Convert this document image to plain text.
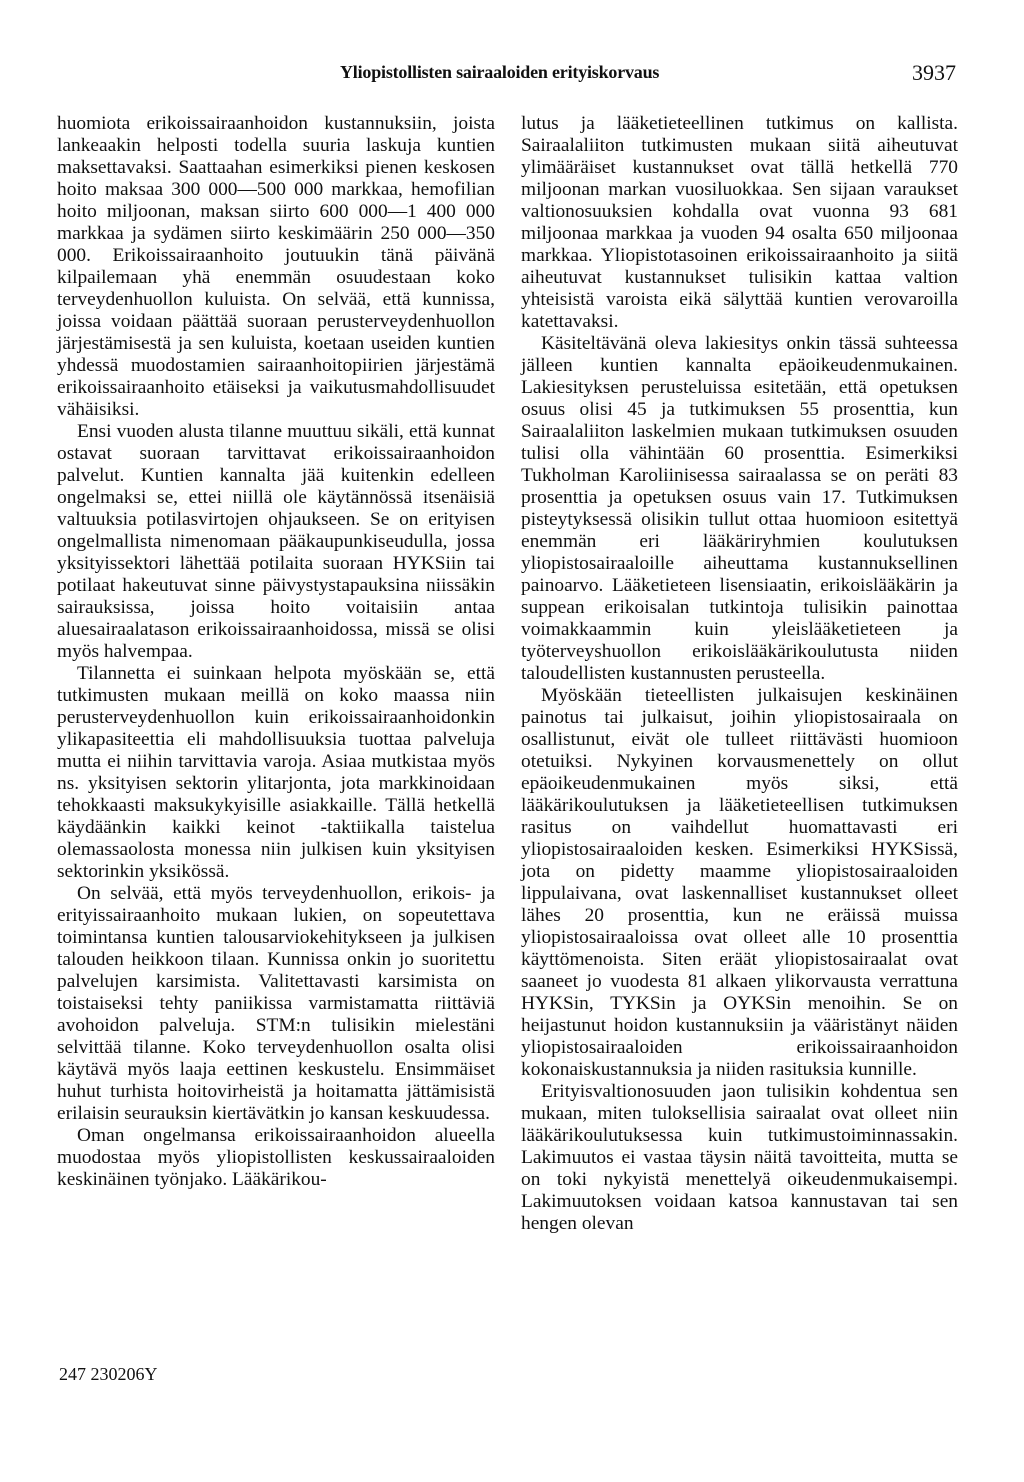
Yliopistollisten sairaaloiden erityiskorvaus	3937

huomiota erikoissairaanhoidon kustannuksiin, joista lankeaakin helposti todella suuria laskuja kuntien maksettavaksi. Saattaahan esimerkiksi pienen keskosen hoito maksaa 300 000—500 000 markkaa, hemofilian hoito miljoonan, maksan siirto 600 000—1 400 000 markkaa ja sydämen siirto keskimäärin 250 000—350 000. Erikoissairaanhoito joutuukin tänä päivänä kilpailemaan yhä enemmän osuudestaan koko terveydenhuollon kuluista. On selvää, että kunnissa, joissa voidaan päättää suoraan perusterveydenhuollon järjestämisestä ja sen kuluista, koetaan useiden kuntien yhdessä muodostamien sairaanhoitopiirien järjestämä erikoissairaanhoito etäiseksi ja vaikutusmahdollisuudet vähäisiksi.

Ensi vuoden alusta tilanne muuttuu sikäli, että kunnat ostavat suoraan tarvittavat erikoissairaanhoidon palvelut. Kuntien kannalta jää kuitenkin edelleen ongelmaksi se, ettei niillä ole käytännössä itsenäisiä valtuuksia potilasvirtojen ohjaukseen. Se on erityisen ongelmallista nimenomaan pääkaupunkiseudulla, jossa yksityissektori lähettää potilaita suoraan HYKSiin tai potilaat hakeutuvat sinne päivystystapauksina niissäkin sairauksissa, joissa hoito voitaisiin antaa aluesairaalatason erikoissairaanhoidossa, missä se olisi myös halvempaa.

Tilannetta ei suinkaan helpota myöskään se, että tutkimusten mukaan meillä on koko maassa niin perusterveydenhuollon kuin erikoissairaanhoidonkin ylikapasiteettia eli mahdollisuuksia tuottaa palveluja mutta ei niihin tarvittavia varoja. Asiaa mutkistaa myös ns. yksityisen sektorin ylitarjonta, jota markkinoidaan tehokkaasti maksukykyisille asiakkaille. Tällä hetkellä käydäänkin kaikki keinot -taktiikalla taistelua olemassaolosta monessa niin julkisen kuin yksityisen sektorinkin yksikössä.

On selvää, että myös terveydenhuollon, erikois- ja erityissairaanhoito mukaan lukien, on sopeutettava toimintansa kuntien talousarviokehitykseen ja julkisen talouden heikkoon tilaan. Kunnissa onkin jo suoritettu palvelujen karsimista. Valitettavasti karsimista on toistaiseksi tehty paniikissa varmistamatta riittäviä avohoidon palveluja. STM:n tulisikin mielestäni selvittää tilanne. Koko terveydenhuollon osalta olisi käytävä myös laaja eettinen keskustelu. Ensimmäiset huhut turhista hoitovirheistä ja hoitamatta jättämisistä erilaisin seurauksin kiertävätkin jo kansan keskuudessa.

Oman ongelmansa erikoissairaanhoidon alueella muodostaa myös yliopistollisten keskussairaaloiden keskinäinen työnjako. Lääkärikou-

lutus ja lääketieteellinen tutkimus on kallista. Sairaalaliiton tutkimusten mukaan siitä aiheutuvat ylimääräiset kustannukset ovat tällä hetkellä 770 miljoonan markan vuosiluokkaa. Sen sijaan varaukset valtionosuuksien kohdalla ovat vuonna 93 681 miljoonaa markkaa ja vuoden 94 osalta 650 miljoonaa markkaa. Yliopistotasoinen erikoissairaanhoito ja siitä aiheutuvat kustannukset tulisikin kattaa valtion yhteisistä varoista eikä sälyttää kuntien verovaroilla katettavaksi.

Käsiteltävänä oleva lakiesitys onkin tässä suhteessa jälleen kuntien kannalta epäoikeudenmukainen. Lakiesityksen perusteluissa esitetään, että opetuksen osuus olisi 45 ja tutkimuksen 55 prosenttia, kun Sairaalaliiton laskelmien mukaan tutkimuksen osuuden tulisi olla vähintään 60 prosenttia. Esimerkiksi Tukholman Karoliinisessa sairaalassa se on peräti 83 prosenttia ja opetuksen osuus vain 17. Tutkimuksen pisteytyksessä olisikin tullut ottaa huomioon esitettyä enemmän eri lääkäriryhmien koulutuksen yliopistosairaaloille aiheuttama kustannuksellinen painoarvo. Lääketieteen lisensiaatin, erikoislääkärin ja suppean erikoisalan tutkintoja tulisikin painottaa voimakkaammin kuin yleislääketieteen ja työterveyshuollon erikoislääkärikoulutusta niiden taloudellisten kustannusten perusteella.

Myöskään tieteellisten julkaisujen keskinäinen painotus tai julkaisut, joihin yliopistosairaala on osallistunut, eivät ole tulleet riittävästi huomioon otetuiksi. Nykyinen korvausmenettely on ollut epäoikeudenmukainen myös siksi, että lääkärikoulutuksen ja lääketieteellisen tutkimuksen rasitus on vaihdellut huomattavasti eri yliopistosairaaloiden kesken. Esimerkiksi HYKSissä, jota on pidetty maamme yliopistosairaaloiden lippulaivana, ovat laskennalliset kustannukset olleet lähes 20 prosenttia, kun ne eräissä muissa yliopistosairaaloissa ovat olleet alle 10 prosenttia käyttömenoista. Siten eräät yliopistosairaalat ovat saaneet jo vuodesta 81 alkaen ylikorvausta verrattuna HYKSin, TYKSin ja OYKSin menoihin. Se on heijastunut hoidon kustannuksiin ja vääristänyt näiden yliopistosairaaloiden erikoissairaanhoidon kokonaiskustannuksia ja niiden rasituksia kunnille.

Erityisvaltionosuuden jaon tulisikin kohdentua sen mukaan, miten tuloksellisia sairaalat ovat olleet niin lääkärikoulutuksessa kuin tutkimustoiminnassakin. Lakimuutos ei vastaa täysin näitä tavoitteita, mutta se on toki nykyistä menettelyä oikeudenmukaisempi. Lakimuutoksen voidaan katsoa kannustavan tai sen hengen olevan

247 230206Y
